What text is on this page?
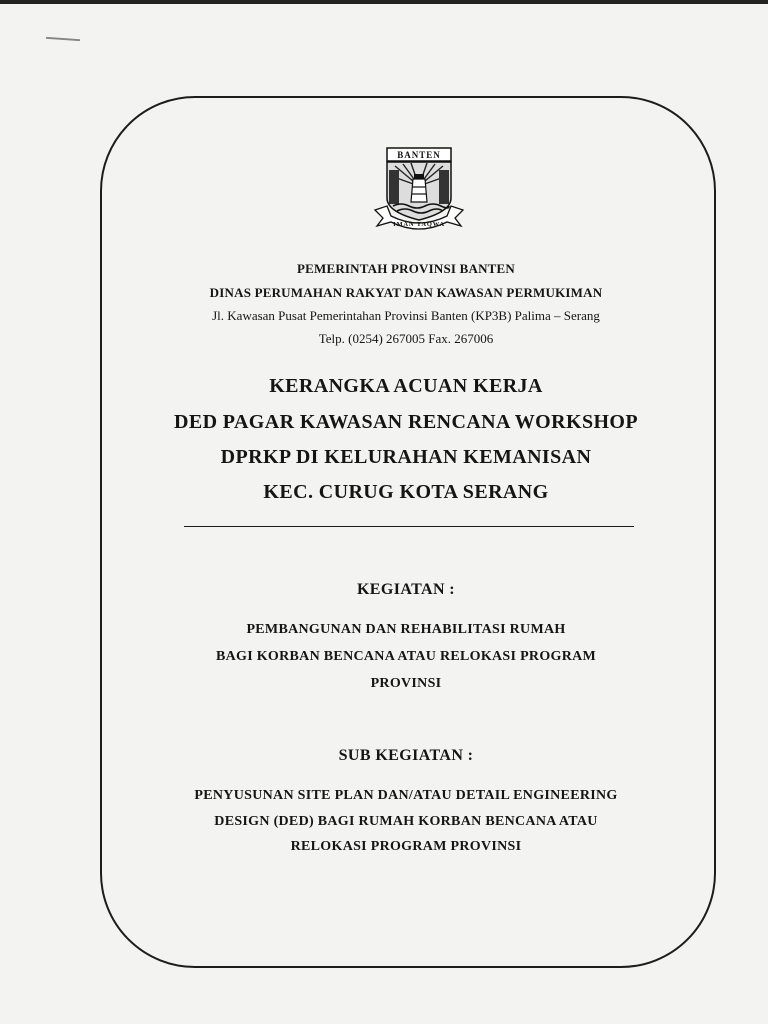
BANTEN
IMAN TAQWA
PEMERINTAH PROVINSI BANTEN
DINAS PERUMAHAN RAKYAT DAN KAWASAN PERMUKIMAN
Jl. Kawasan Pusat Pemerintahan Provinsi Banten (KP3B) Palima – Serang
Telp. (0254) 267005 Fax. 267006
KERANGKA ACUAN KERJA
DED PAGAR KAWASAN RENCANA WORKSHOP
DPRKP DI KELURAHAN KEMANISAN
KEC. CURUG KOTA SERANG
KEGIATAN :
PEMBANGUNAN DAN REHABILITASI RUMAH
BAGI KORBAN BENCANA ATAU RELOKASI PROGRAM
PROVINSI
SUB KEGIATAN :
PENYUSUNAN SITE PLAN DAN/ATAU DETAIL ENGINEERING
DESIGN (DED) BAGI RUMAH KORBAN BENCANA ATAU
RELOKASI PROGRAM PROVINSI
